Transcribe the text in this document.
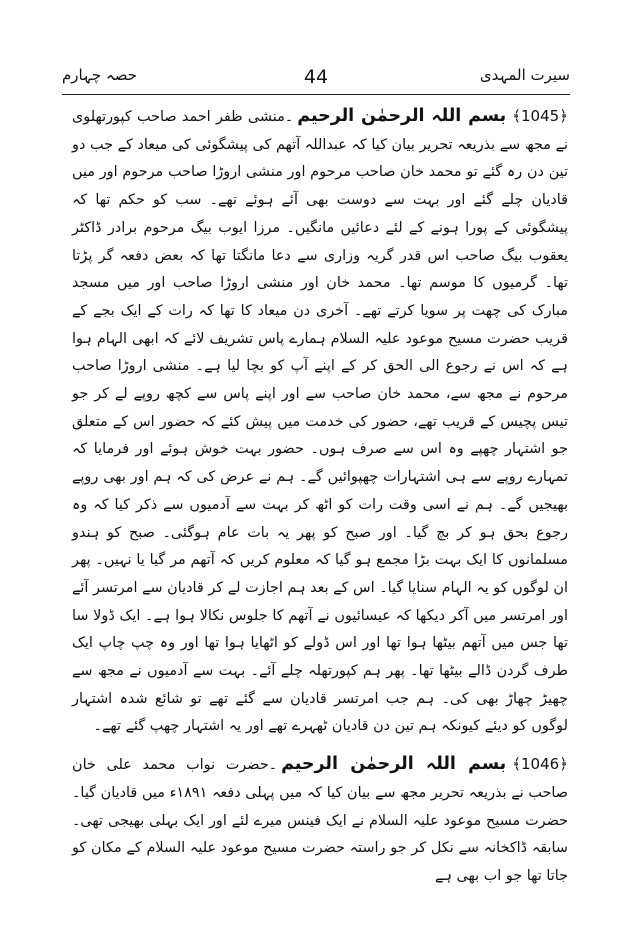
حصہ چہارم	44	سیرت المہدی

﴿1045﴾بسم اللہ الرحمٰن الرحیم۔منشی ظفر احمد صاحب کپورتھلوی نے مجھ سے بذریعہ تحریر بیان کیا کہ عبداللہ آتھم کی پیشگوئی کی میعاد کے جب دو تین دن رہ گئے تو محمد خان صاحب مرحوم اور منشی اروڑا صاحب مرحوم اور میں قادیان چلے گئے اور بہت سے دوست بھی آئے ہوئے تھے۔ سب کو حکم تھا کہ پیشگوئی کے پورا ہونے کے لئے دعائیں مانگیں۔ مرزا ایوب بیگ مرحوم برادر ڈاکٹر یعقوب بیگ صاحب اس قدر گریہ وزاری سے دعا مانگتا تھا کہ بعض دفعہ گر پڑتا تھا۔ گرمیوں کا موسم تھا۔ محمد خان اور منشی اروڑا صاحب اور میں مسجد مبارک کی چھت پر سویا کرتے تھے۔ آخری دن میعاد کا تھا کہ رات کے ایک بجے کے قریب حضرت مسیح موعود علیہ السلام ہمارے پاس تشریف لائے کہ ابھی الہام ہوا ہے کہ اس نے رجوع الی الحق کر کے اپنے آپ کو بچا لیا ہے۔ منشی اروڑا صاحب مرحوم نے مجھ سے، محمد خان صاحب سے اور اپنے پاس سے کچھ روپے لے کر جو تیس پچیس کے قریب تھے، حضور کی خدمت میں پیش کئے کہ حضور اس کے متعلق جو اشتہار چھپے وہ اس سے صرف ہوں۔ حضور بہت خوش ہوئے اور فرمایا کہ تمہارے روپے سے ہی اشتہارات چھپوائیں گے۔ ہم نے عرض کی کہ ہم اور بھی روپے بھیجیں گے۔ ہم نے اسی وقت رات کو اٹھ کر بہت سے آدمیوں سے ذکر کیا کہ وہ رجوع بحق ہو کر بچ گیا۔ اور صبح کو پھر یہ بات عام ہوگئی۔ صبح کو ہندو مسلمانوں کا ایک بہت بڑا مجمع ہو گیا کہ معلوم کریں کہ آتھم مر گیا یا نہیں۔ پھر ان لوگوں کو یہ الہام سنایا گیا۔ اس کے بعد ہم اجازت لے کر قادیان سے امرتسر آئے اور امرتسر میں آکر دیکھا کہ عیسائیوں نے آتھم کا جلوس نکالا ہوا ہے۔ ایک ڈولا سا تھا جس میں آتھم بیٹھا ہوا تھا اور اس ڈولے کو اٹھایا ہوا تھا اور وہ چپ چاپ ایک طرف گردن ڈالے بیٹھا تھا۔ پھر ہم کپورتھلہ چلے آئے۔ بہت سے آدمیوں نے مجھ سے چھیڑ چھاڑ بھی کی۔ ہم جب امرتسر قادیان سے گئے تھے تو شائع شدہ اشتہار لوگوں کو دیئے کیونکہ ہم تین دن قادیان ٹھہرے تھے اور یہ اشتہار چھپ گئے تھے۔

﴿1046﴾بسم اللہ الرحمٰن الرحیم۔حضرت نواب محمد علی خان صاحب نے بذریعہ تحریر مجھ سے بیان کیا کہ میں پہلی دفعہ ۱۸۹۱ء میں قادیان گیا۔ حضرت مسیح موعود علیہ السلام نے ایک فینس میرے لئے اور ایک بہلی بھیجی تھی۔ سابقہ ڈاکخانہ سے نکل کر جو راستہ حضرت مسیح موعود علیہ السلام کے مکان کو جاتا تھا جو اب بھی ہے
